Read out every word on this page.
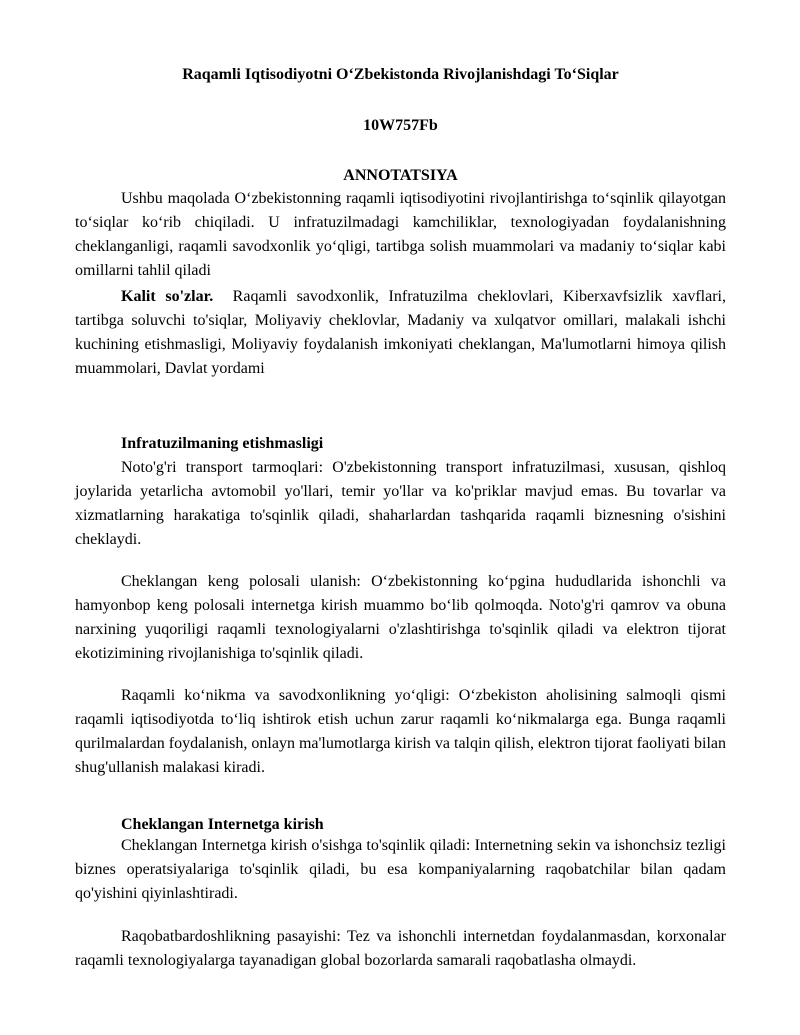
Raqamli Iqtisodiyotni O‘Zbekistonda Rivojlanishdagi To‘Siqlar

10W757Fb

ANNOTATSIYA

Ushbu maqolada O‘zbekistonning raqamli iqtisodiyotini rivojlantirishga to‘sqinlik qilayotgan to‘siqlar ko‘rib chiqiladi. U infratuzilmadagi kamchiliklar, texnologiyadan foydalanishning cheklanganligi, raqamli savodxonlik yo‘qligi, tartibga solish muammolari va madaniy to‘siqlar kabi omillarni tahlil qiladi

Kalit so'zlar. Raqamli savodxonlik, Infratuzilma cheklovlari, Kiberxavfsizlik xavflari, tartibga soluvchi to'siqlar, Moliyaviy cheklovlar, Madaniy va xulqatvor omillari, malakali ishchi kuchining etishmasligi, Moliyaviy foydalanish imkoniyati cheklangan, Ma'lumotlarni himoya qilish muammolari, Davlat yordami

Infratuzilmaning etishmasligi

Noto'g'ri transport tarmoqlari: O'zbekistonning transport infratuzilmasi, xususan, qishloq joylarida yetarlicha avtomobil yo'llari, temir yo'llar va ko'priklar mavjud emas. Bu tovarlar va xizmatlarning harakatiga to'sqinlik qiladi, shaharlardan tashqarida raqamli biznesning o'sishini cheklaydi.

Cheklangan keng polosali ulanish: O‘zbekistonning ko‘pgina hududlarida ishonchli va hamyonbop keng polosali internetga kirish muammo bo‘lib qolmoqda. Noto'g'ri qamrov va obuna narxining yuqoriligi raqamli texnologiyalarni o'zlashtirishga to'sqinlik qiladi va elektron tijorat ekotizimining rivojlanishiga to'sqinlik qiladi.

Raqamli ko‘nikma va savodxonlikning yo‘qligi: O‘zbekiston aholisining salmoqli qismi raqamli iqtisodiyotda to‘liq ishtirok etish uchun zarur raqamli ko‘nikmalarga ega. Bunga raqamli qurilmalardan foydalanish, onlayn ma'lumotlarga kirish va talqin qilish, elektron tijorat faoliyati bilan shug'ullanish malakasi kiradi.

Cheklangan Internetga kirish

Cheklangan Internetga kirish o'sishga to'sqinlik qiladi: Internetning sekin va ishonchsiz tezligi biznes operatsiyalariga to'sqinlik qiladi, bu esa kompaniyalarning raqobatchilar bilan qadam qo'yishini qiyinlashtiradi.

Raqobatbardoshlikning pasayishi: Tez va ishonchli internetdan foydalanmasdan, korxonalar raqamli texnologiyalarga tayanadigan global bozorlarda samarali raqobatlasha olmaydi.
